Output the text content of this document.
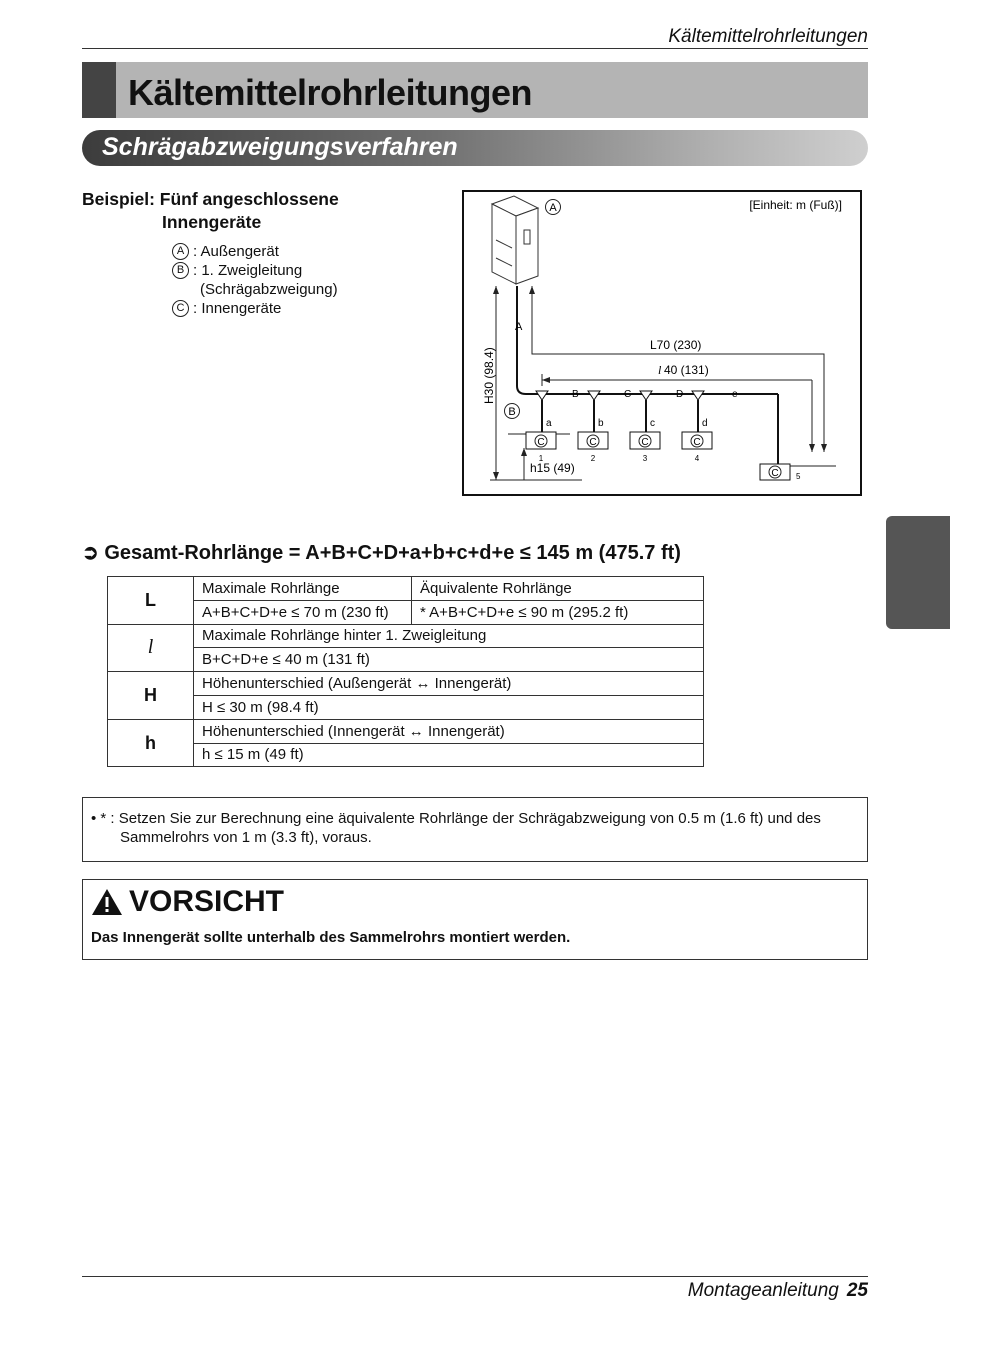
Kältemittelrohrleitungen
Kältemittelrohrleitungen
Schrägabzweigungsverfahren
Beispiel: Fünf angeschlossene
Innengeräte
A : Außengerät
B : 1. Zweigleitung
(Schrägabzweigung)
C : Innengeräte
[Einheit: m (Fuß)]
A
H30 (98.4)
h15 (49)
A
B
L70 (230)
l 40 (131)
B	C	D	e
a
C
1
b
C
2
c
C
3
d
C
4
C 5
➲ Gesamt-Rohrlänge = A+B+C+D+a+b+c+d+e ≤ 145 m (475.7 ft)
L	Maximale Rohrlänge	Äquivalente Rohrlänge
	A+B+C+D+e ≤ 70 m (230 ft)	* A+B+C+D+e ≤ 90 m (295.2 ft)
l	Maximale Rohrlänge hinter 1. Zweigleitung	
	B+C+D+e ≤ 40 m (131 ft)	
H	Höhenunterschied (Außengerät ↔ Innengerät)	
	H ≤ 30 m (98.4 ft)	
h	Höhenunterschied (Innengerät ↔ Innengerät)	
	h ≤ 15 m (49 ft)	
• * : Setzen Sie zur Berechnung eine äquivalente Rohrlänge der Schrägabzweigung von 0.5 m (1.6 ft) und des
Sammelrohrs von 1 m (3.3 ft), voraus.
VORSICHT
Das Innengerät sollte unterhalb des Sammelrohrs montiert werden.
DEUTSCH
Montageanleitung 25
